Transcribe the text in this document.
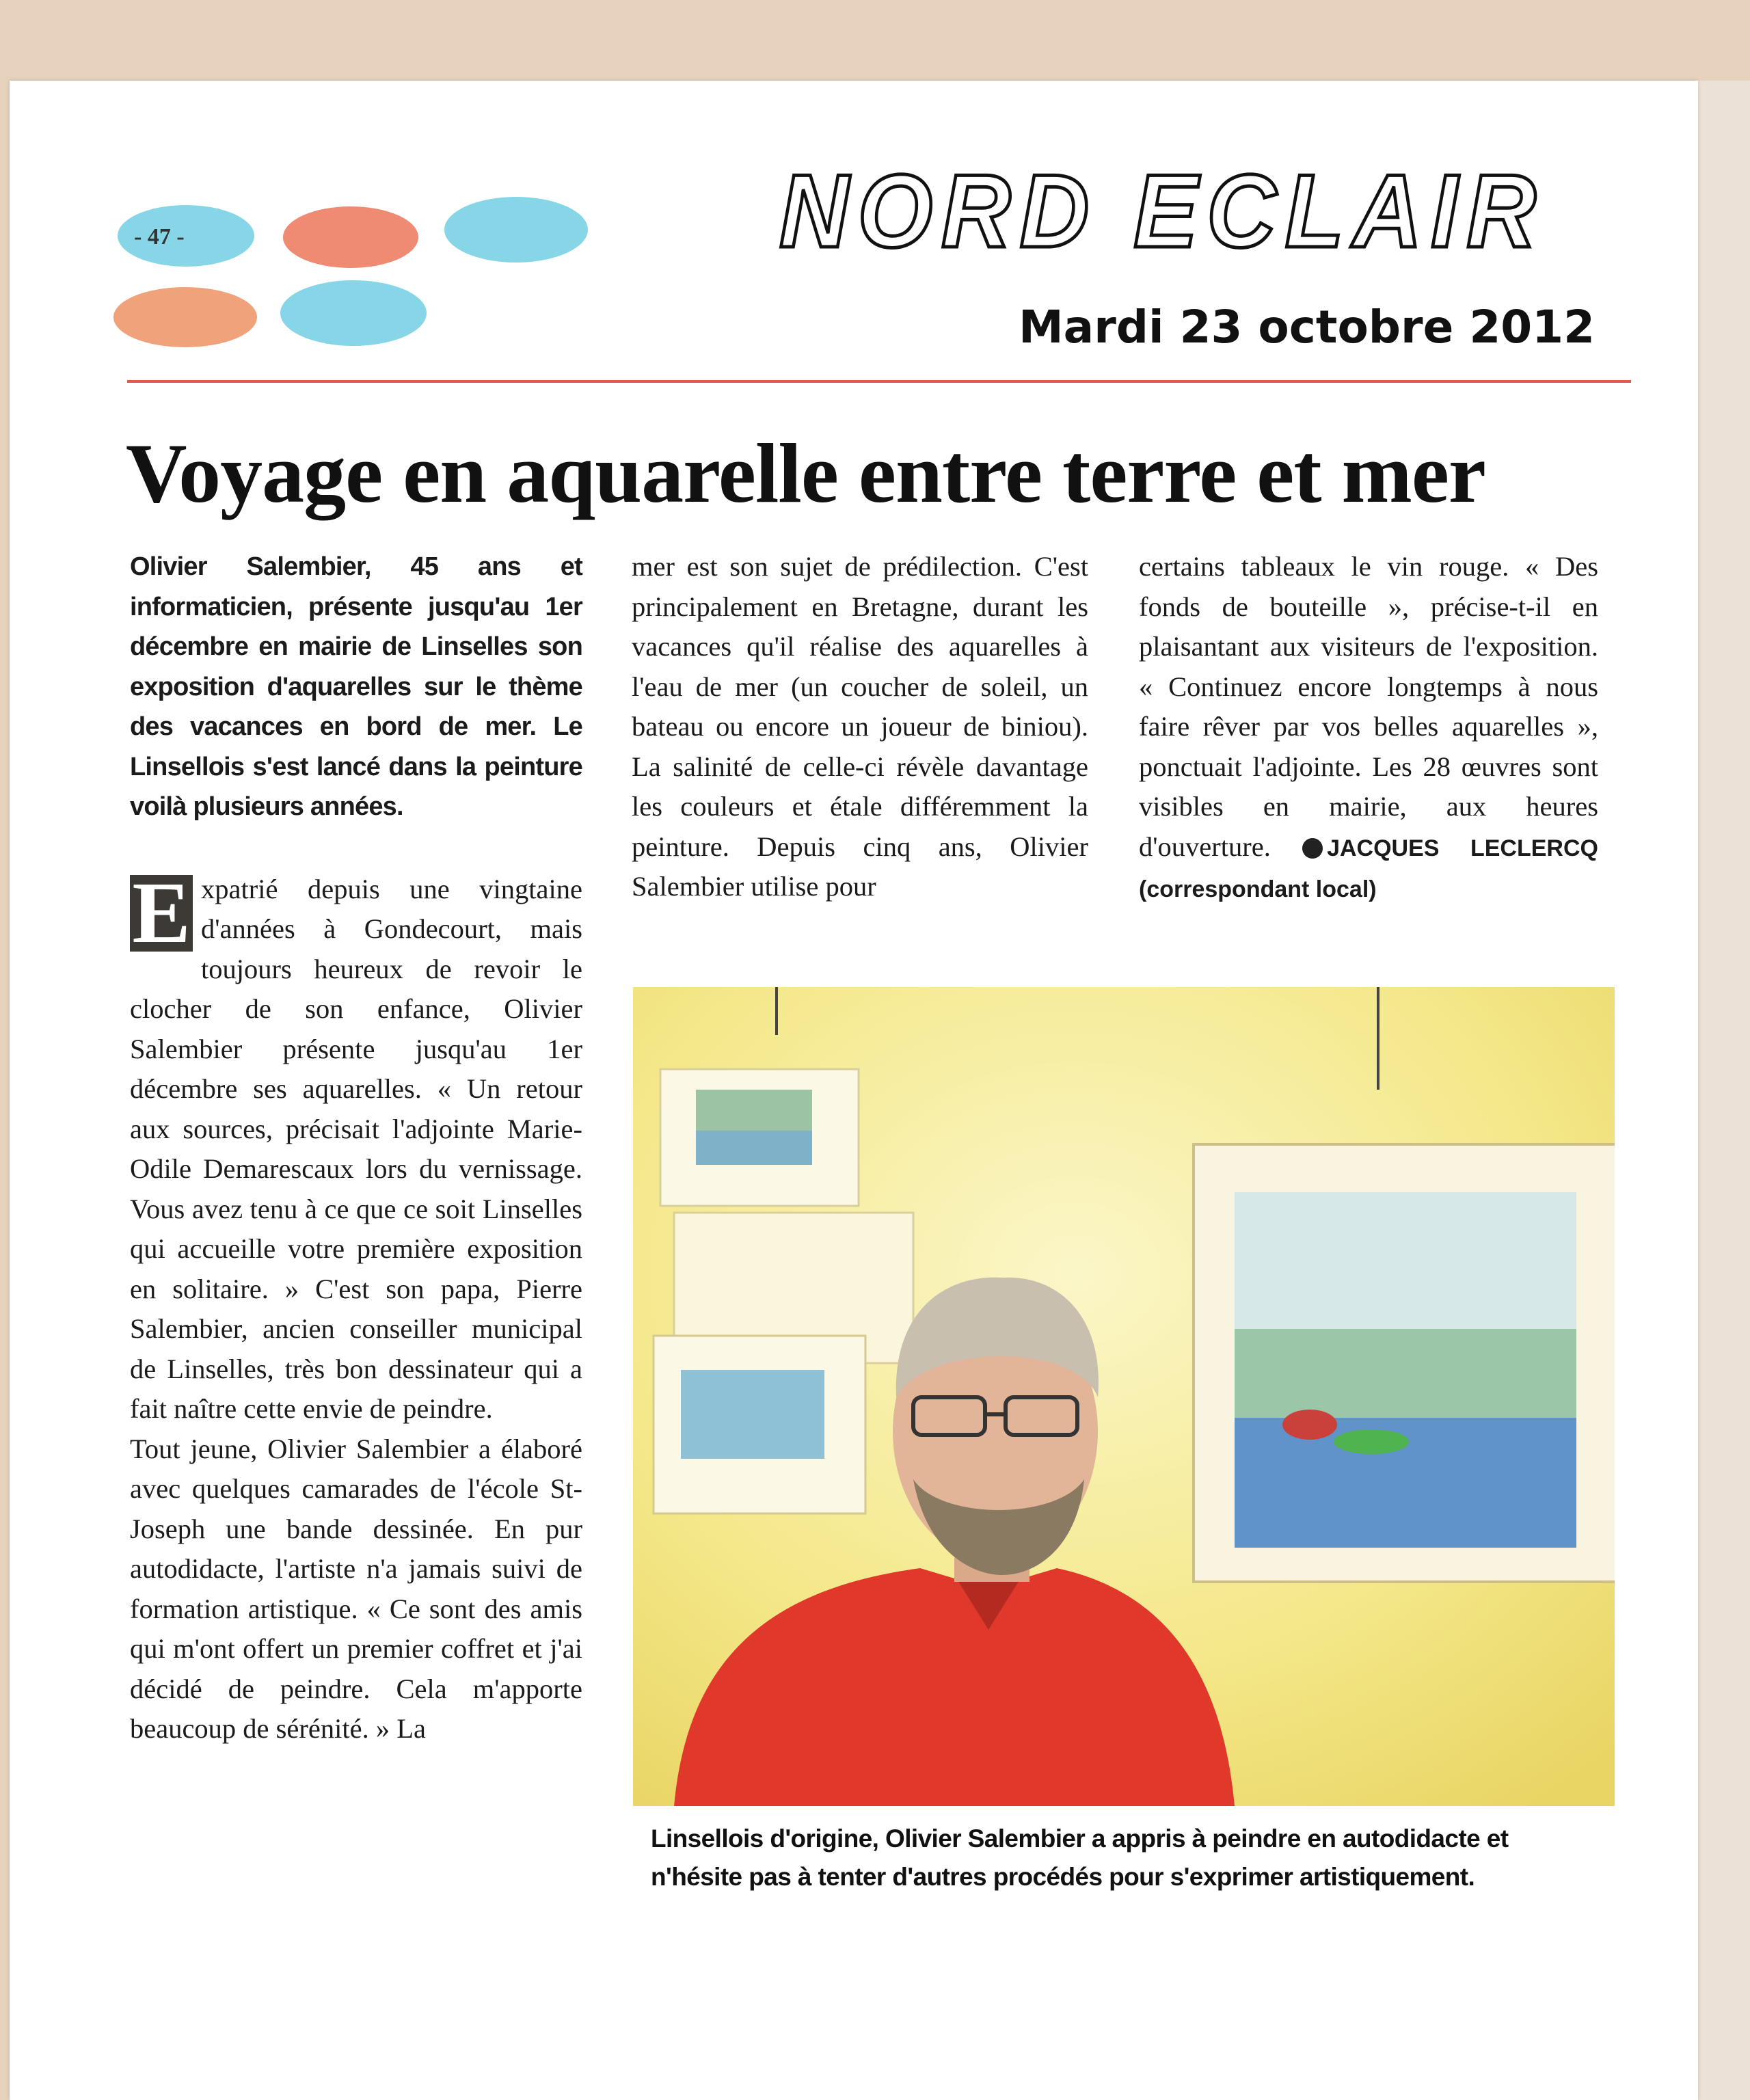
- 47 -	NORD ECLAIR
Mardi 23 octobre 2012
Voyage en aquarelle entre terre et mer

Olivier Salembier, 45 ans et informaticien, présente jusqu'au 1er décembre en mairie de Linselles son exposition d'aquarelles sur le thème des vacances en bord de mer. Le Linsellois s'est lancé dans la peinture voilà plusieurs années.

E xpatrié depuis une vingtaine d'années à Gondecourt, mais toujours heureux de revoir le clocher de son enfance, Olivier Salembier présente jusqu'au 1er décembre ses aquarelles. « Un retour aux sources, précisait l'adjointe Marie-Odile Demarescaux lors du vernissage. Vous avez tenu à ce que ce soit Linselles qui accueille votre première exposition en solitaire. » C'est son papa, Pierre Salembier, ancien conseiller municipal de Linselles, très bon dessinateur qui a fait naître cette envie de peindre.

Tout jeune, Olivier Salembier a élaboré avec quelques camarades de l'école St-Joseph une bande dessinée. En pur autodidacte, l'artiste n'a jamais suivi de formation artistique. « Ce sont des amis qui m'ont offert un premier coffret et j'ai décidé de peindre. Cela m'apporte beaucoup de sérénité. » La

mer est son sujet de prédilection. C'est principalement en Bretagne, durant les vacances qu'il réalise des aquarelles à l'eau de mer (un coucher de soleil, un bateau ou encore un joueur de biniou). La salinité de celle-ci révèle davantage les couleurs et étale différemment la peinture. Depuis cinq ans, Olivier Salembier utilise pour

certains tableaux le vin rouge. « Des fonds de bouteille », précise-t-il en plaisantant aux visiteurs de l'exposition. « Continuez encore longtemps à nous faire rêver par vos belles aquarelles », ponctuait l'adjointe. Les 28 œuvres sont visibles en mairie, aux heures d'ouverture. JACQUES LECLERCQ (correspondant local)

Linsellois d'origine, Olivier Salembier a appris à peindre en autodidacte et

n'hésite pas à tenter d'autres procédés pour s'exprimer artistiquement.
